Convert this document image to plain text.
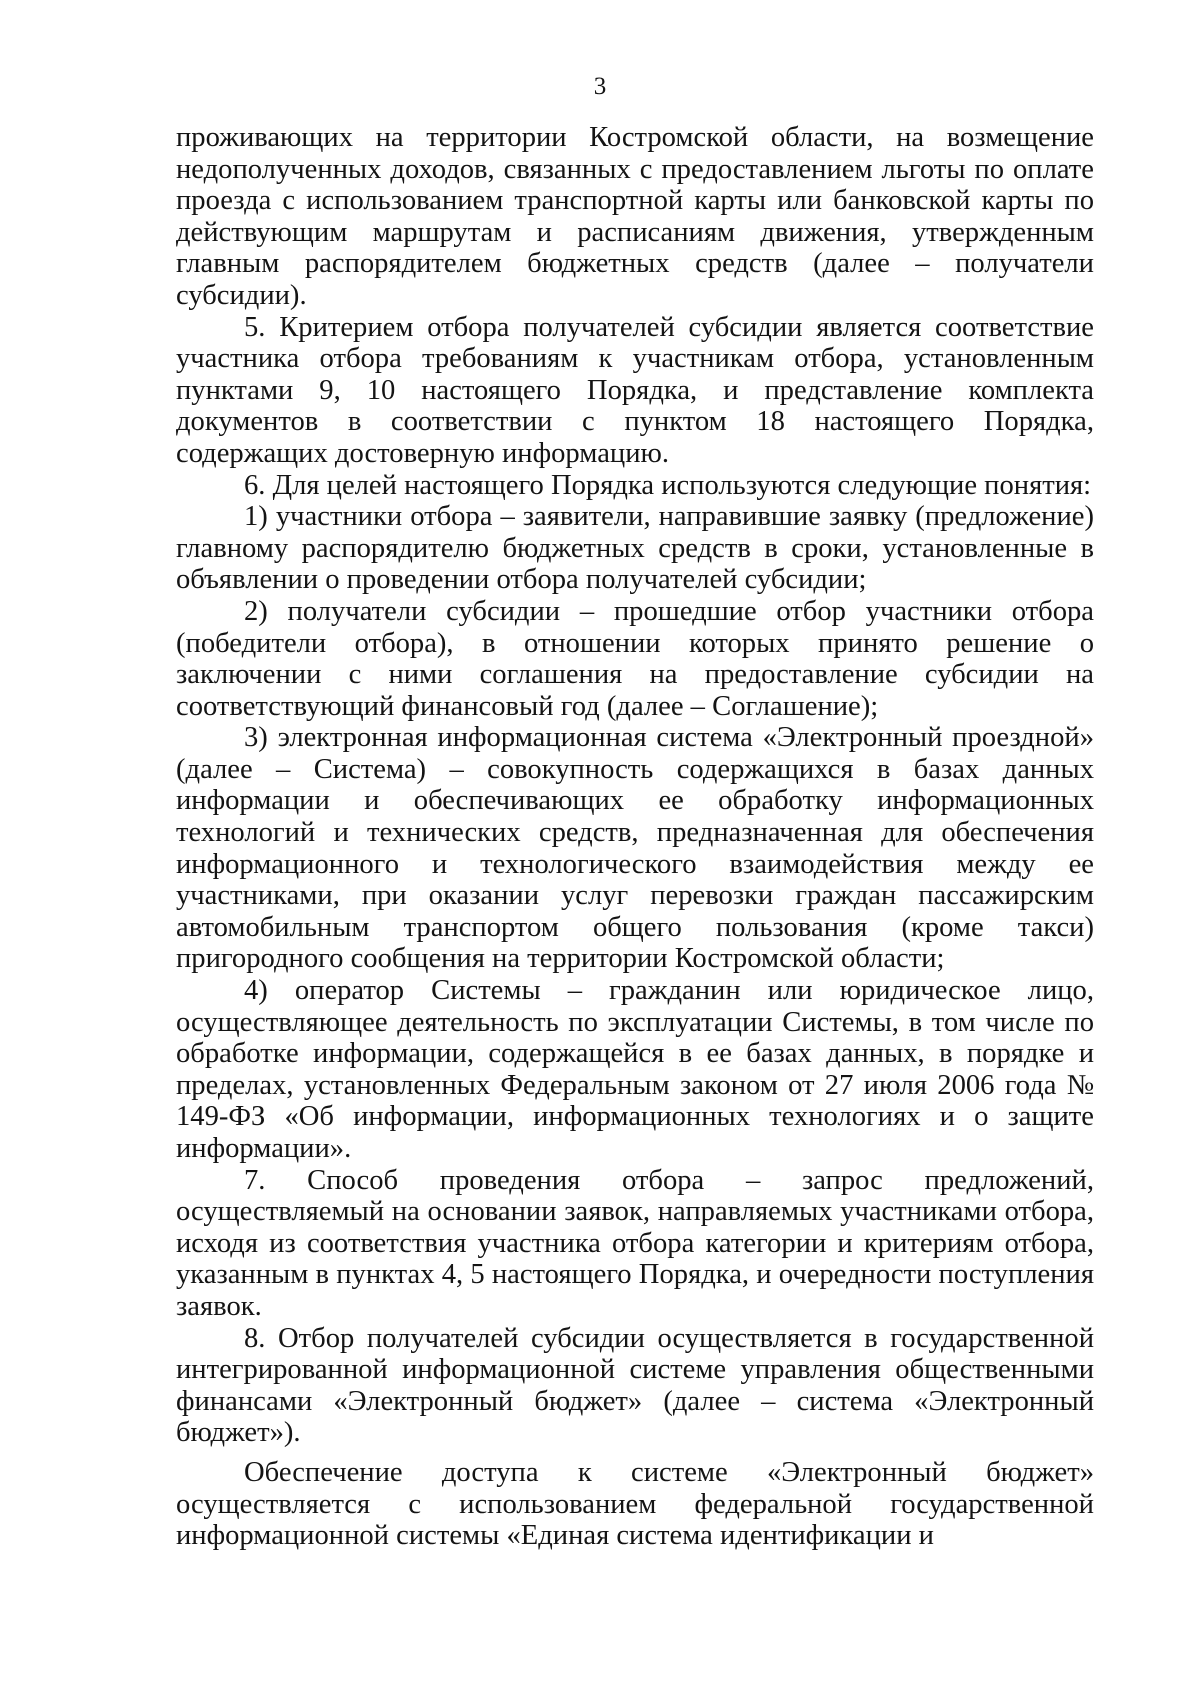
3

проживающих на территории Костромской области, на возмещение недополученных доходов, связанных с предоставлением льготы по оплате проезда с использованием транспортной карты или банковской карты по действующим маршрутам и расписаниям движения, утвержденным главным распорядителем бюджетных средств (далее – получатели субсидии).

5. Критерием отбора получателей субсидии является соответствие участника отбора требованиям к участникам отбора, установленным пунктами 9, 10 настоящего Порядка, и представление комплекта документов в соответствии с пунктом 18 настоящего Порядка, содержащих достоверную информацию.

6. Для целей настоящего Порядка используются следующие понятия:

1) участники отбора – заявители, направившие заявку (предложение) главному распорядителю бюджетных средств в сроки, установленные в объявлении о проведении отбора получателей субсидии;

2) получатели субсидии – прошедшие отбор участники отбора (победители отбора), в отношении которых принято решение о заключении с ними соглашения на предоставление субсидии на соответствующий финансовый год (далее – Соглашение);

3) электронная информационная система «Электронный проездной» (далее – Система) – совокупность содержащихся в базах данных информации и обеспечивающих ее обработку информационных технологий и технических средств, предназначенная для обеспечения информационного и технологического взаимодействия между ее участниками, при оказании услуг перевозки граждан пассажирским автомобильным транспортом общего пользования (кроме такси) пригородного сообщения на территории Костромской области;

4) оператор Системы – гражданин или юридическое лицо, осуществляющее деятельность по эксплуатации Системы, в том числе по обработке информации, содержащейся в ее базах данных, в порядке и пределах, установленных Федеральным законом от 27 июля 2006 года № 149-ФЗ «Об информации, информационных технологиях и о защите информации».

7. Способ проведения отбора – запрос предложений, осуществляемый на основании заявок, направляемых участниками отбора, исходя из соответствия участника отбора категории и критериям отбора, указанным в пунктах 4, 5 настоящего Порядка, и очередности поступления заявок.

8. Отбор получателей субсидии осуществляется в государственной интегрированной информационной системе управления общественными финансами «Электронный бюджет» (далее – система «Электронный бюджет»).

Обеспечение доступа к системе «Электронный бюджет» осуществляется с использованием федеральной государственной информационной системы «Единая система идентификации и
